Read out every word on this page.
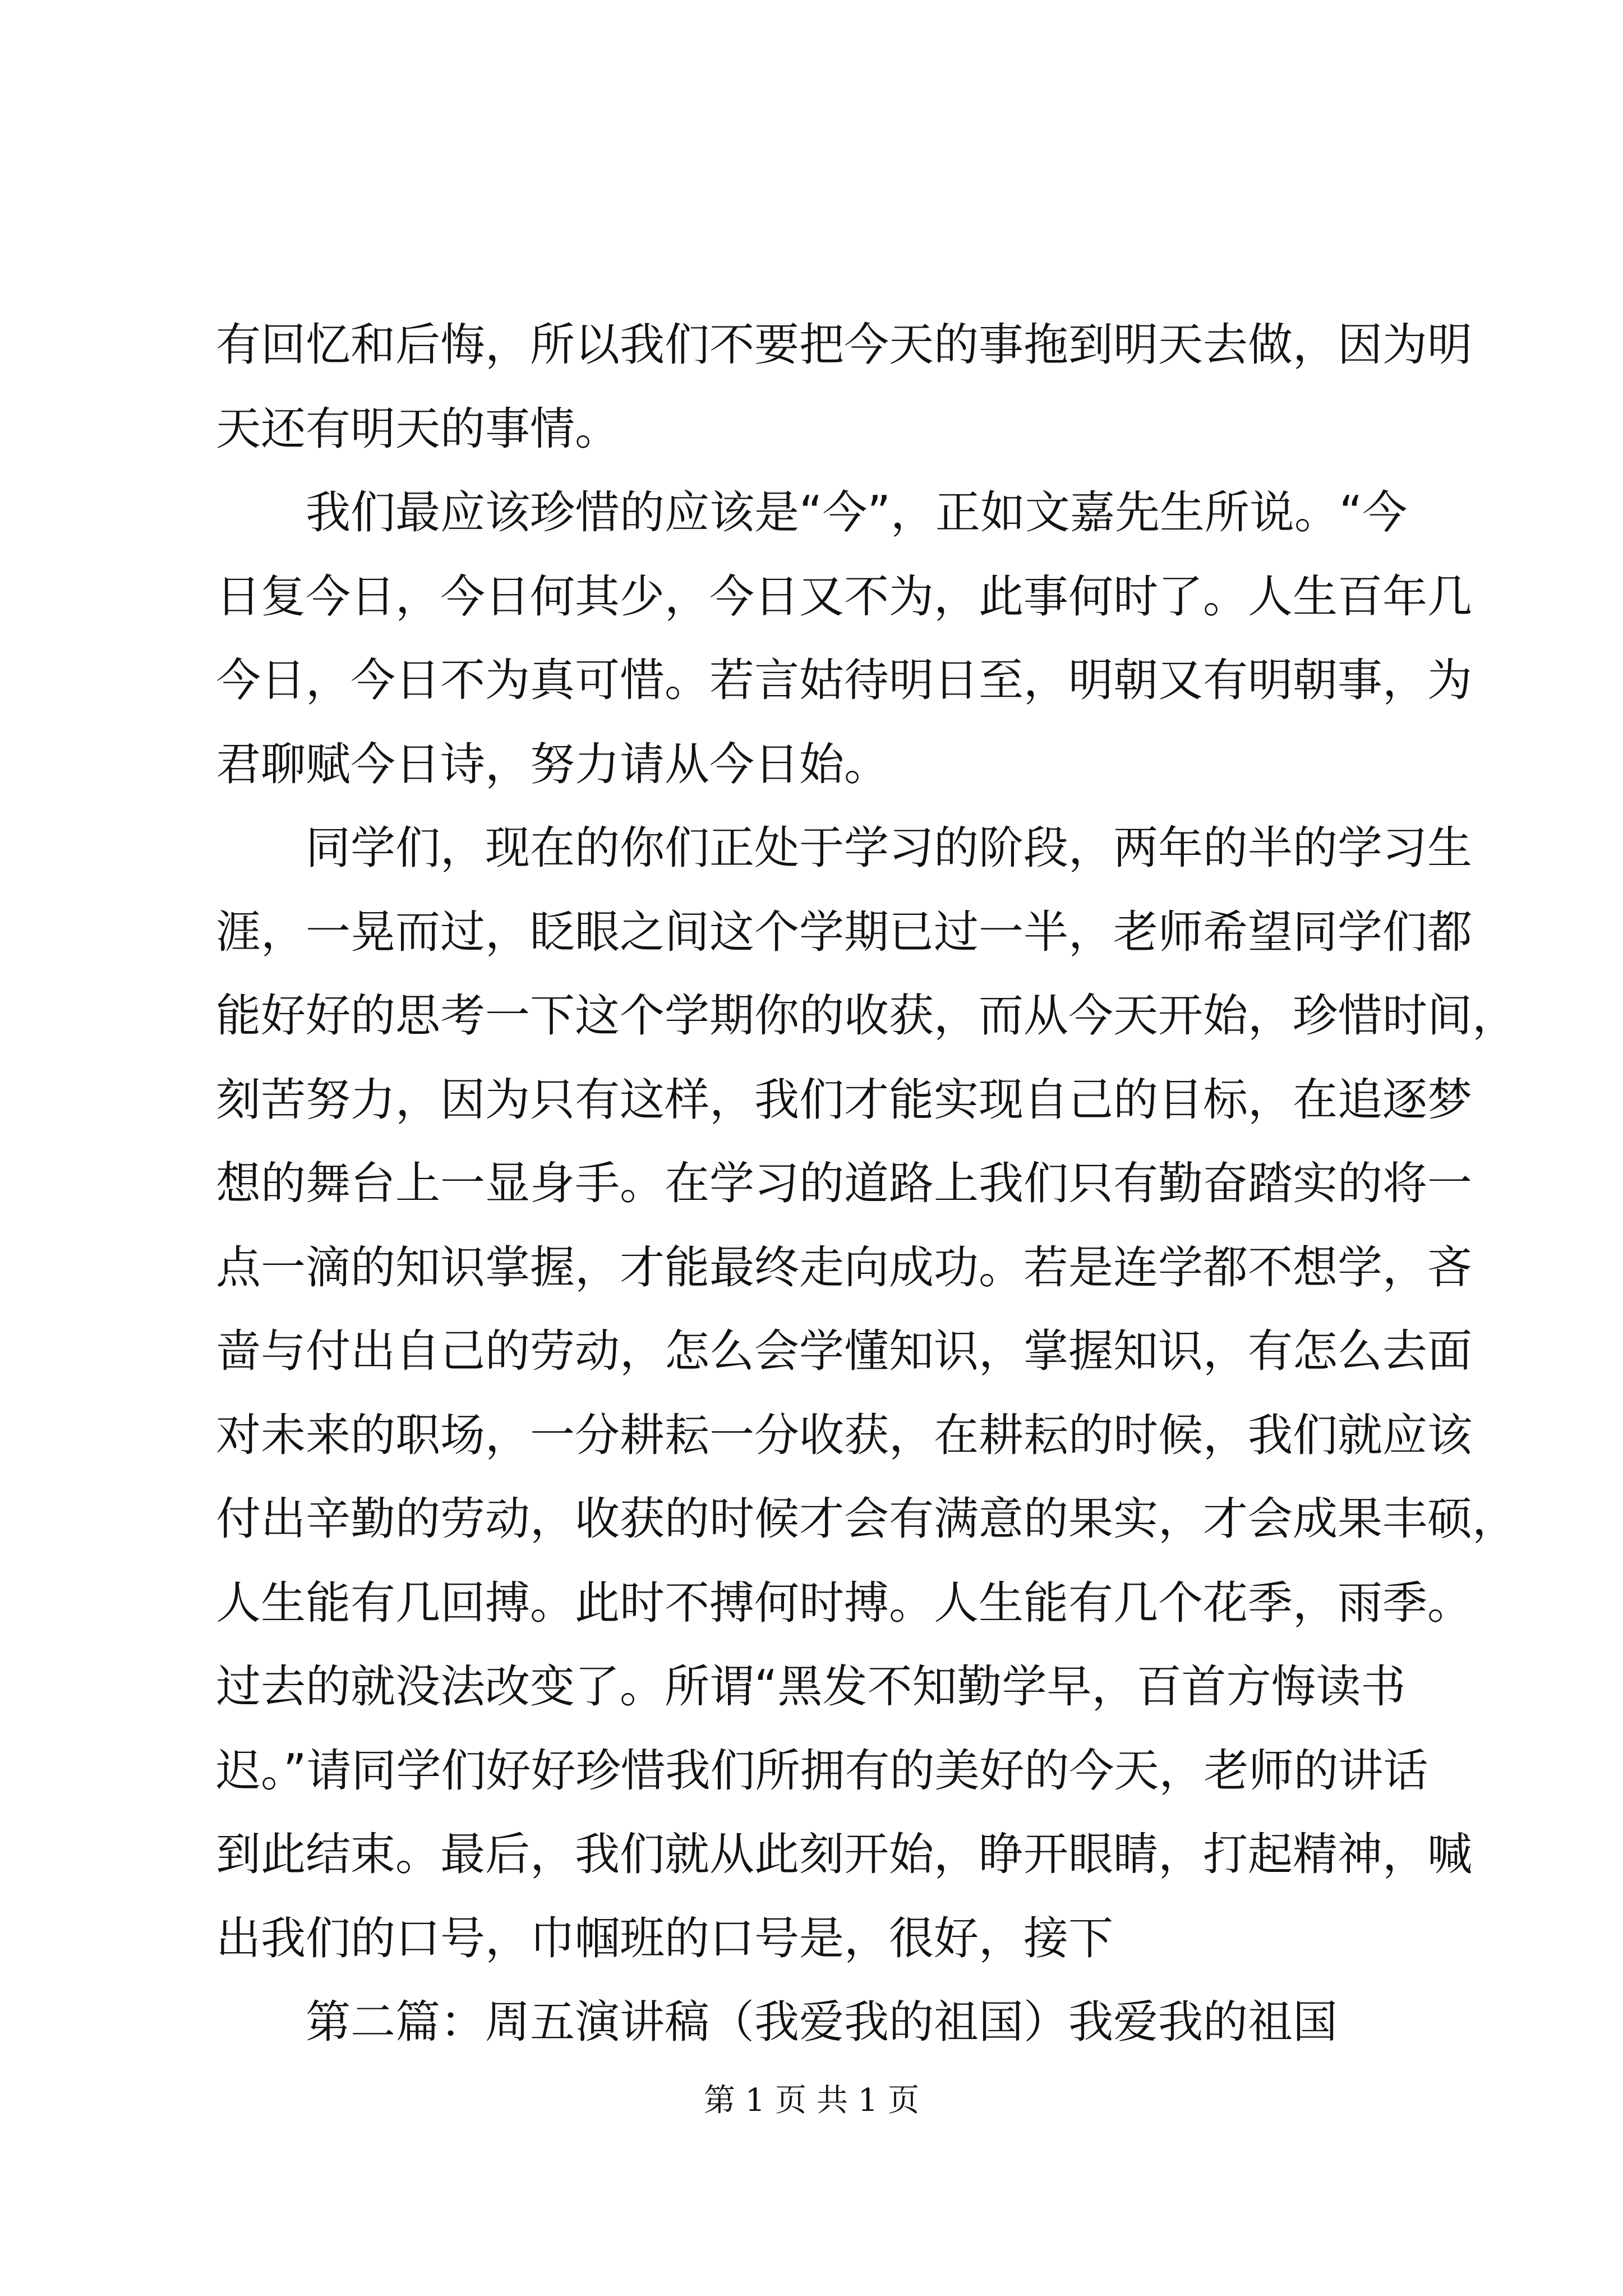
有回忆和后悔，所以我们不要把今天的事拖到明天去做，因为明
天还有明天的事情。
我们最应该珍惜的应该是“今”，正如文嘉先生所说。“今
日复今日，今日何其少，今日又不为，此事何时了。人生百年几
今日，今日不为真可惜。若言姑待明日至，明朝又有明朝事，为
君聊赋今日诗，努力请从今日始。
同学们，现在的你们正处于学习的阶段，两年的半的学习生
涯，一晃而过，眨眼之间这个学期已过一半，老师希望同学们都
能好好的思考一下这个学期你的收获，而从今天开始，珍惜时间，
刻苦努力，因为只有这样，我们才能实现自己的目标，在追逐梦
想的舞台上一显身手。在学习的道路上我们只有勤奋踏实的将一
点一滴的知识掌握，才能最终走向成功。若是连学都不想学，吝
啬与付出自己的劳动，怎么会学懂知识，掌握知识，有怎么去面
对未来的职场，一分耕耘一分收获，在耕耘的时候，我们就应该
付出辛勤的劳动，收获的时候才会有满意的果实，才会成果丰硕，
人生能有几回搏。此时不搏何时搏。人生能有几个花季，雨季。
过去的就没法改变了。所谓“黑发不知勤学早，百首方悔读书
迟。”请同学们好好珍惜我们所拥有的美好的今天，老师的讲话
到此结束。最后，我们就从此刻开始，睁开眼睛，打起精神，喊
出我们的口号，巾帼班的口号是，很好，接下
第二篇：周五演讲稿（我爱我的祖国）我爱我的祖国
第 1 页 共 1 页
